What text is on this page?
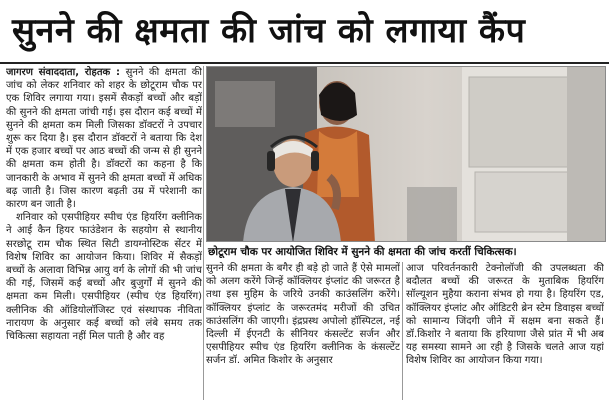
सुनने की क्षमता की जांच को लगाया कैंप

जागरण संवाददाता, रोहतक : सुनने की क्षमता की जांच को लेकर शनिवार को शहर के छोटूराम चौक पर एक शिविर लगाया गया। इसमें सैकड़ों बच्चों और बड़ों की सुनने की क्षमता जांची गई। इस दौरान कई बच्चों में सुनने की क्षमता कम मिली जिसका डॉक्टरों ने उपचार शुरू कर दिया है। इस दौरान डॉक्टरों ने बताया कि देश में एक हजार बच्चों पर आठ बच्चों की जन्म से ही सुनने की क्षमता कम होती है। डॉक्टरों का कहना है कि जानकारी के अभाव में सुनने की क्षमता बच्चों में अधिक बढ़ जाती है। जिस कारण बढ़ती उम्र में परेशानी का कारण बन जाती है।

शनिवार को एसपीहियर स्पीच एंड हियरिंग क्लीनिक ने आई कैन हियर फाउंडेशन के सहयोग से स्थानीय सरछोटू राम चौक स्थित सिटी डायग्नोस्टिक सेंटर में विशेष शिविर का आयोजन किया। शिविर में सैकड़ों बच्चों के अलावा विभिन्न आयु वर्ग के लोगों की भी जांच की गई, जिसमें कई बच्चों और बुजुर्गों में सुनने की क्षमता कम मिली। एसपीहियर (स्पीच एंड हियरिंग) क्लीनिक की ऑडियोलॉजिस्ट एवं संस्थापक नीविता नारायण के अनुसार कई बच्चों को लंबे समय तक चिकित्सा सहायता नहीं मिल पाती है और वह

छोटूराम चौक पर आयोजित शिविर में सुनने की क्षमता की जांच करतीं चिकित्सक।
सुनने की क्षमता के बगैर ही बड़े हो जाते हैं ऐसे मामलों को अलग करेंगे जिन्हें कॉक्लियर इंप्लांट की जरूरत है तथा इस मुहिम के जरिये उनकी काउंसलिंग करेंगे। कॉक्लियर इंप्लांट के जरूरतमंद मरीजों की उचित काउंसलिंग की जाएगी। इंद्रप्रस्थ अपोलो हॉस्पिटल, नई दिल्ली में ईएनटी के सीनियर कंसल्टेंट सर्जन और एसपीहियर स्पीच एंड हियरिंग क्लीनिक के कंसल्टेंट सर्जन डॉ. अमित किशोर के अनुसार
आज परिवर्तनकारी टेक्नोलॉजी की उपलब्धता की बदौलत बच्चों की जरूरत के मुताबिक हियरिंग सॉल्यूशन मुहैया कराना संभव हो गया है। हियरिंग एड, कॉक्लियर इंप्लांट और ऑडिटरी ब्रेन स्टेम डिवाइस बच्चों को सामान्य जिंदगी जीने में सक्षम बना सकते हैं। डॉ.किशोर ने बताया कि हरियाणा जैसे प्रांत में भी अब यह समस्या सामने आ रही है जिसके चलते आज यहां विशेष शिविर का आयोजन किया गया।
